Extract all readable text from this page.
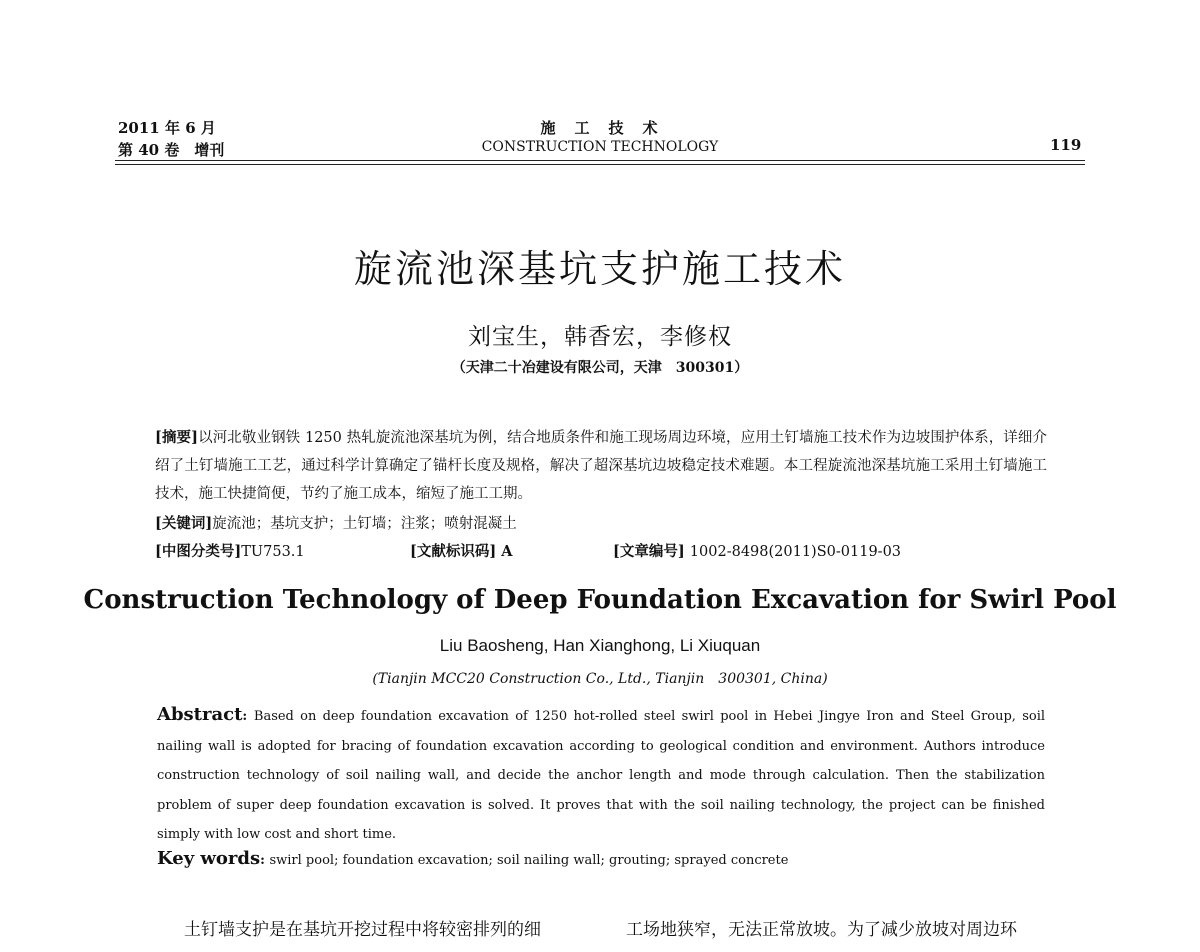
2011 年 6 月
第 40 卷　增刊
施　工　技　术
CONSTRUCTION TECHNOLOGY	119
旋流池深基坑支护施工技术
刘宝生，韩香宏，李修权
（天津二十冶建设有限公司，天津　300301）
[摘要]以河北敬业钢铁 1250 热轧旋流池深基坑为例，结合地质条件和施工现场周边环境，应用土钉墙施工技术作为边坡围护体系，详细介绍了土钉墙施工工艺，通过科学计算确定了锚杆长度及规格，解决了超深基坑边坡稳定技术难题。本工程旋流池深基坑施工采用土钉墙施工技术，施工快捷简便，节约了施工成本，缩短了施工工期。
[关键词]旋流池；基坑支护；土钉墙；注浆；喷射混凝土
[中图分类号]TU753.1	[文献标识码] A	[文章编号] 1002-8498(2011)S0-0119-03
Construction Technology of Deep Foundation Excavation for Swirl Pool
Liu Baosheng, Han Xianghong, Li Xiuquan
(Tianjin MCC20 Construction Co., Ltd., Tianjin　300301, China)
Abstract: Based on deep foundation excavation of 1250 hot-rolled steel swirl pool in Hebei Jingye Iron and Steel Group, soil nailing wall is adopted for bracing of foundation excavation according to geological condition and environment. Authors introduce construction technology of soil nailing wall, and decide the anchor length and mode through calculation. Then the stabilization problem of super deep foundation excavation is solved. It proves that with the soil nailing technology, the project can be finished simply with low cost and short time.
Key words: swirl pool; foundation excavation; soil nailing wall; grouting; sprayed concrete
　　土钉墙支护是在基坑开挖过程中将较密排列的细	工场地狭窄，无法正常放坡。为了减少放坡对周边环
